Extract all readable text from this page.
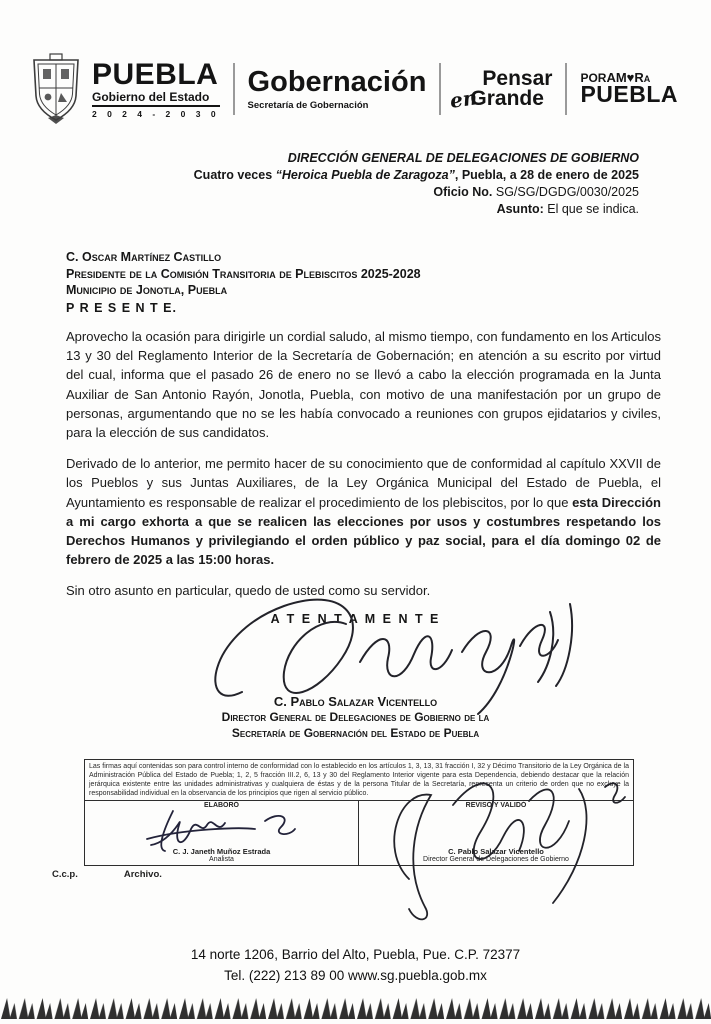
PUEBLA
Gobierno del Estado
2 0 2 4 - 2 0 3 0
Gobernación
Secretaría de Gobernación
Pensar
en
Grande
PORAM♥RA
PUEBLA
DIRECCIÓN GENERAL DE DELEGACIONES DE GOBIERNO
Cuatro veces “Heroica Puebla de Zaragoza”, Puebla, a 28 de enero de 2025
Oficio No. SG/SG/DGDG/0030/2025
Asunto: El que se indica.
C. Oscar Martínez Castillo
Presidente de la Comisión Transitoria de Plebiscitos 2025-2028
Municipio de Jonotla, Puebla
P R E S E N T E.

Aprovecho la ocasión para dirigirle un cordial saludo, al mismo tiempo, con fundamento en los Articulos 13 y 30 del Reglamento Interior de la Secretaría de Gobernación; en atención a su escrito por virtud del cual, informa que el pasado 26 de enero no se llevó a cabo la elección programada en la Junta Auxiliar de San Antonio Rayón, Jonotla, Puebla, con motivo de una manifestación por un grupo de personas, argumentando que no se les había convocado a reuniones con grupos ejidatarios y civiles, para la elección de sus candidatos.

Derivado de lo anterior, me permito hacer de su conocimiento que de conformidad al capítulo XXVII de los Pueblos y sus Juntas Auxiliares, de la Ley Orgánica Municipal del Estado de Puebla, el Ayuntamiento es responsable de realizar el procedimiento de los plebiscitos, por lo que esta Dirección a mi cargo exhorta a que se realicen las elecciones por usos y costumbres respetando los Derechos Humanos y privilegiando el orden público y paz social, para el día domingo 02 de febrero de 2025 a las 15:00 horas.

Sin otro asunto en particular, quedo de usted como su servidor.

A T E N T A M E N T E
C. Pablo Salazar Vicentello
Director General de Delegaciones de Gobierno de la
Secretaría de Gobernación del Estado de Puebla
Las firmas aquí contenidas son para control interno de conformidad con lo establecido en los artículos 1, 3, 13, 31 fracción I, 32 y Décimo Transitorio de la Ley Orgánica de la Administración Pública del Estado de Puebla; 1, 2, 5 fracción III.2, 6, 13 y 30 del Reglamento Interior vigente para esta Dependencia, debiendo destacar que la relación jerárquica existente entre las unidades administrativas y cualquiera de éstas y de la persona Titular de la Secretaría, representa un criterio de orden que no excluye la responsabilidad individual en la observancia de los principios que rigen al servicio público.
ELABORÓ
C. J. Janeth Muñoz Estrada
Analista
REVISÓ Y VALIDÓ
C. Pablo Salazar Vicentello
Director General de Delegaciones de Gobierno
C.c.p.	Archivo.
14 norte 1206, Barrio del Alto, Puebla, Pue. C.P. 72377
Tel. (222) 213 89 00 www.sg.puebla.gob.mx
